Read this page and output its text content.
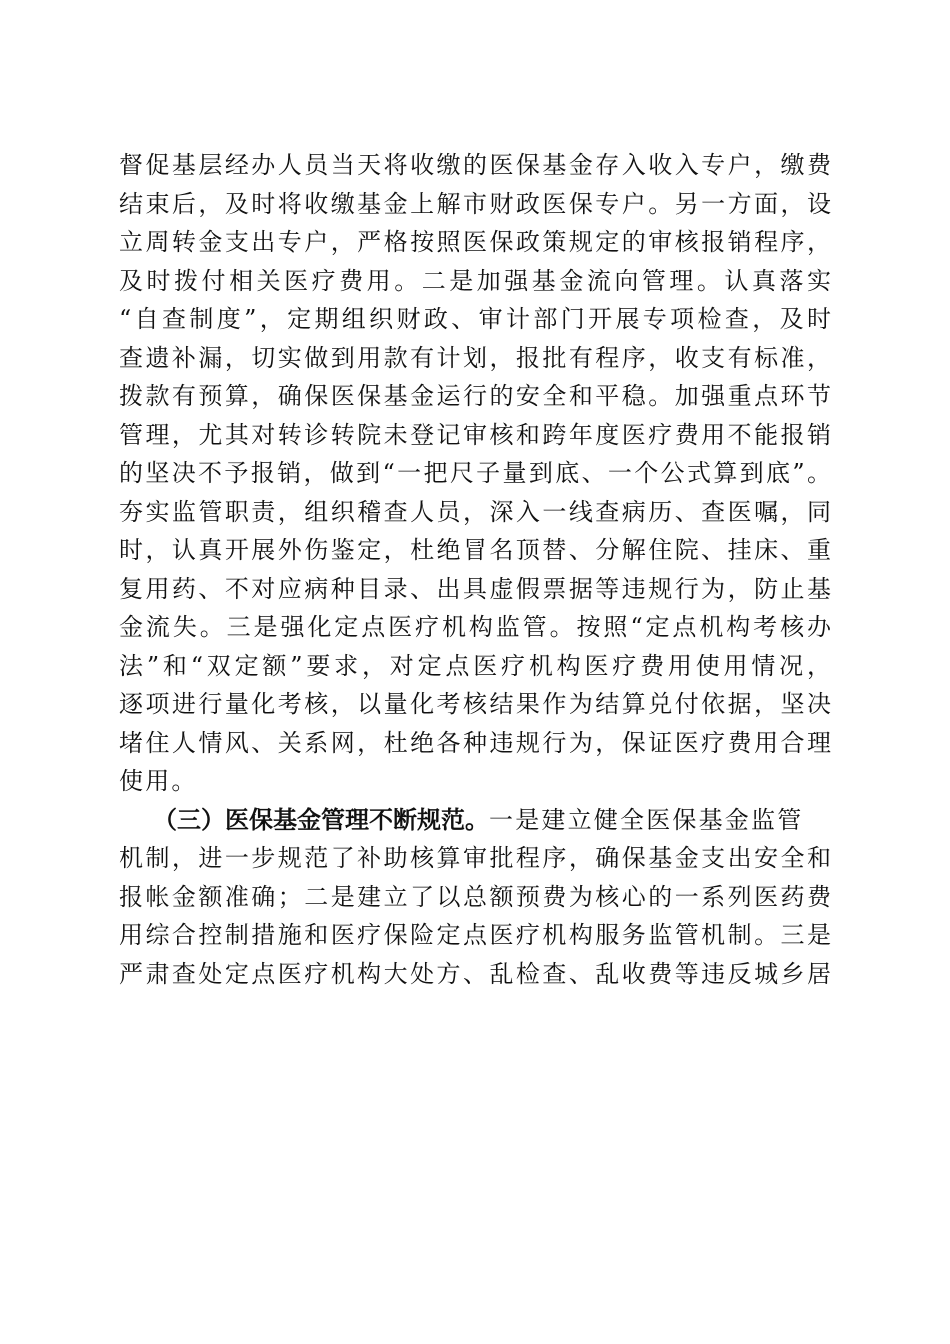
督促基层经办人员当天将收缴的医保基金存入收入专户，缴费
结束后，及时将收缴基金上解市财政医保专户。另一方面，设
立周转金支出专户，严格按照医保政策规定的审核报销程序，
及时拨付相关医疗费用。二是加强基金流向管理。认真落实
“自查制度”，定期组织财政、审计部门开展专项检查，及时
查遗补漏，切实做到用款有计划，报批有程序，收支有标准，
拨款有预算，确保医保基金运行的安全和平稳。加强重点环节
管理，尤其对转诊转院未登记审核和跨年度医疗费用不能报销
的坚决不予报销，做到“一把尺子量到底、一个公式算到底”。
夯实监管职责，组织稽查人员，深入一线查病历、查医嘱，同
时，认真开展外伤鉴定，杜绝冒名顶替、分解住院、挂床、重
复用药、不对应病种目录、出具虚假票据等违规行为，防止基
金流失。三是强化定点医疗机构监管。按照“定点机构考核办
法”和“双定额”要求，对定点医疗机构医疗费用使用情况，
逐项进行量化考核，以量化考核结果作为结算兑付依据，坚决
堵住人情风、关系网，杜绝各种违规行为，保证医疗费用合理
使用。
（三）医保基金管理不断规范。一是建立健全医保基金监管
机制，进一步规范了补助核算审批程序，确保基金支出安全和
报帐金额准确；二是建立了以总额预费为核心的一系列医药费
用综合控制措施和医疗保险定点医疗机构服务监管机制。三是
严肃查处定点医疗机构大处方、乱检查、乱收费等违反城乡居
